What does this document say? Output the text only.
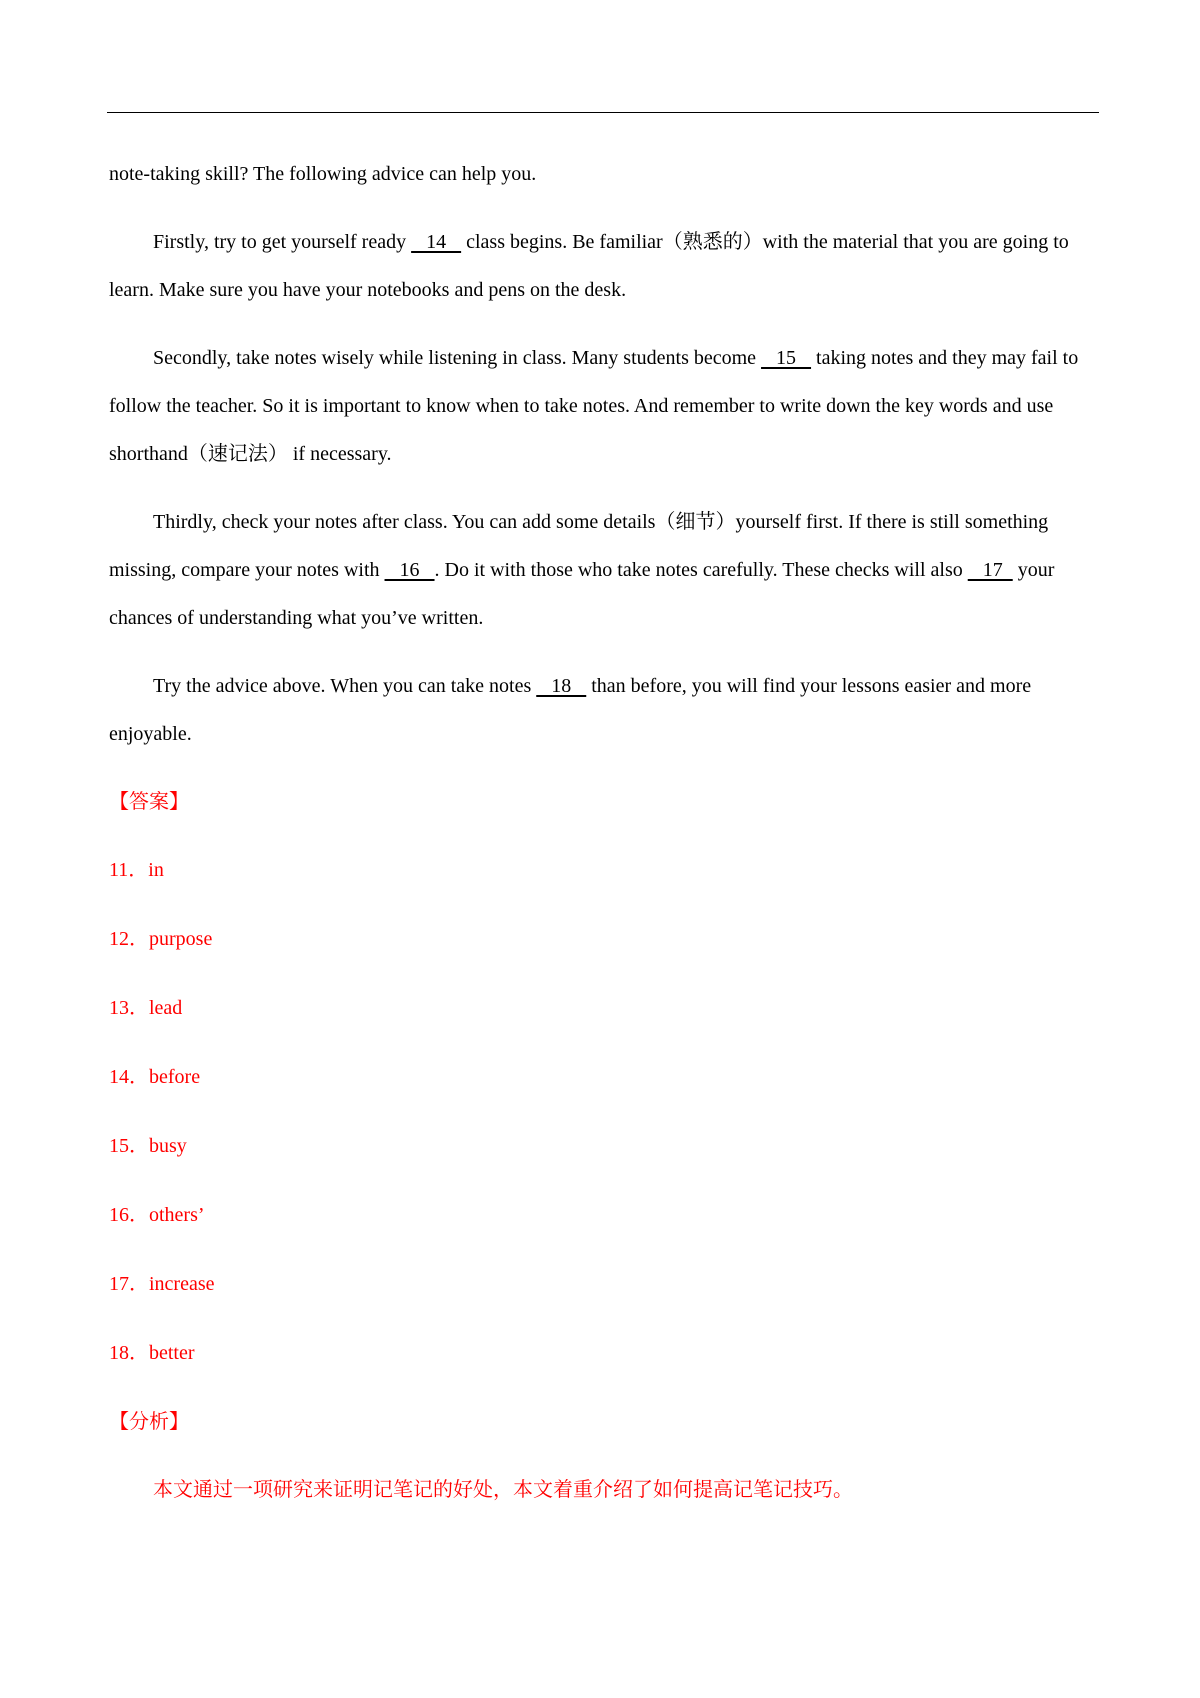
note-taking skill? The following advice can help you.

Firstly, try to get yourself ready    14    class begins. Be familiar（熟悉的）with the material that you are going to learn. Make sure you have your notebooks and pens on the desk.

Secondly, take notes wisely while listening in class. Many students become    15    taking notes and they may fail to follow the teacher. So it is important to know when to take notes. And remember to write down the key words and use shorthand（速记法） if necessary.

Thirdly, check your notes after class. You can add some details（细节）yourself first. If there is still something missing, compare your notes with    16   . Do it with those who take notes carefully. These checks will also    17   your chances of understanding what you’ve written.

Try the advice above. When you can take notes    18    than before, you will find your lessons easier and more enjoyable.

【答案】

11．in

12．purpose

13．lead

14．before

15．busy

16．others’

17．increase

18．better

【分析】

本文通过一项研究来证明记笔记的好处，本文着重介绍了如何提高记笔记技巧。
